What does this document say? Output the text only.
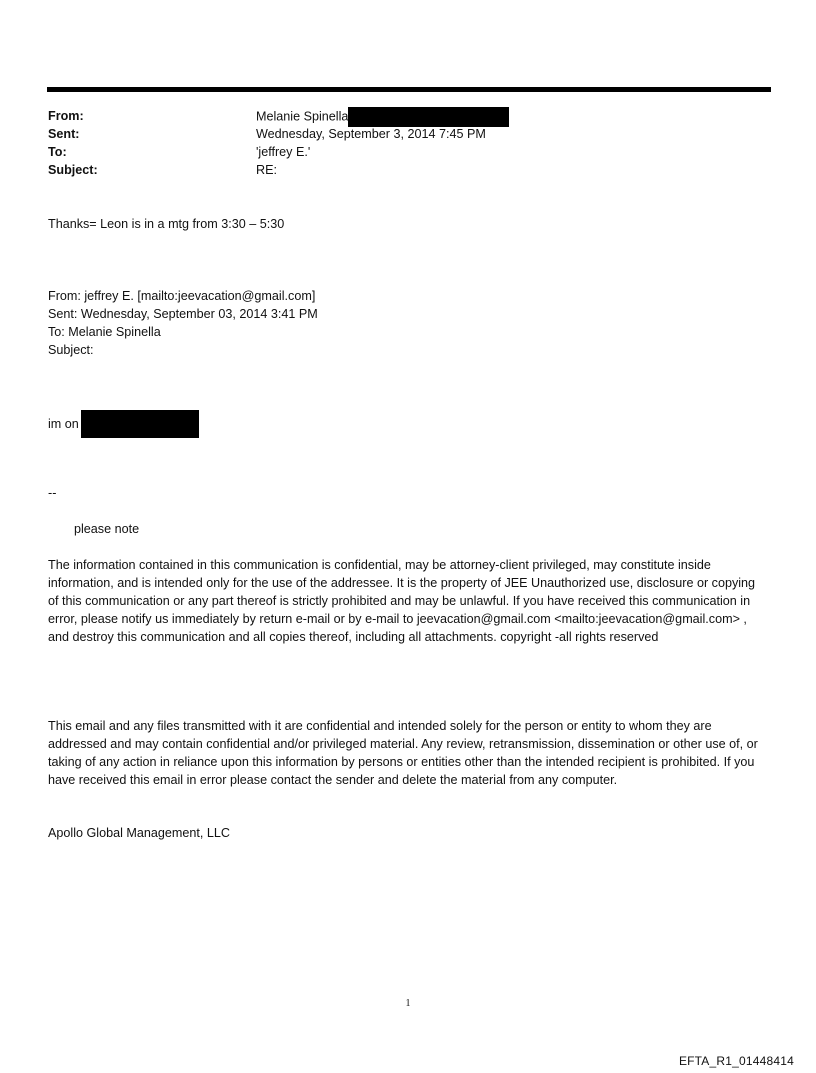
From:	Melanie Spinella
Sent:	Wednesday, September 3, 2014 7:45 PM
To:	'jeffrey E.'
Subject:	RE:

Thanks= Leon is in a mtg from 3:30 – 5:30

From: jeffrey E. [mailto:jeevacation@gmail.com]

Sent: Wednesday, September 03, 2014 3:41 PM

To: Melanie Spinella

Subject:

im on

--

please note

The information contained in this communication is confidential, may be attorney-client privileged, may constitute inside information, and is intended only for the use of the addressee. It is the property of JEE Unauthorized use, disclosure or copying of this communication or any part thereof is strictly prohibited and may be unlawful. If you have received this communication in error, please notify us immediately by return e-mail or by e-mail to jeevacation@gmail.com <mailto:jeevacation@gmail.com> , and destroy this communication and all copies thereof, including all attachments. copyright -all rights reserved

This email and any files transmitted with it are confidential and intended solely for the person or entity to whom they are addressed and may contain confidential and/or privileged material. Any review, retransmission, dissemination or other use of, or taking of any action in reliance upon this information by persons or entities other than the intended recipient is prohibited. If you have received this email in error please contact the sender and delete the material from any computer.

Apollo Global Management, LLC

1
EFTA_R1_01448414
